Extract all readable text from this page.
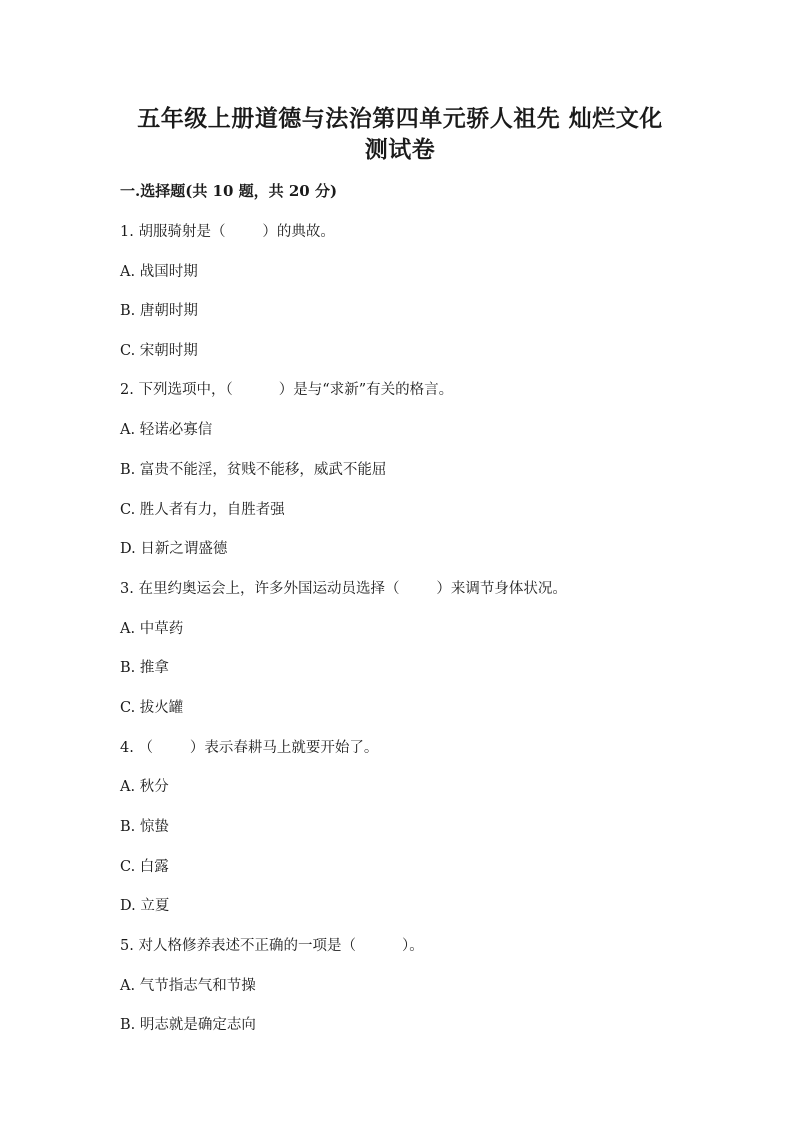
五年级上册道德与法治第四单元骄人祖先 灿烂文化
测试卷
一.选择题(共 10 题，共 20 分)
1. 胡服骑射是（        ）的典故。
A. 战国时期
B. 唐朝时期
C. 宋朝时期
2. 下列选项中，（          ）是与“求新”有关的格言。
A. 轻诺必寡信
B. 富贵不能淫，贫贱不能移，威武不能屈
C. 胜人者有力，自胜者强
D. 日新之谓盛德
3. 在里约奥运会上，许多外国运动员选择（        ）来调节身体状况。
A. 中草药
B. 推拿
C. 拔火罐
4. （        ）表示春耕马上就要开始了。
A. 秋分
B. 惊蛰
C. 白露
D. 立夏
5. 对人格修养表述不正确的一项是（          ）。
A. 气节指志气和节操
B. 明志就是确定志向
